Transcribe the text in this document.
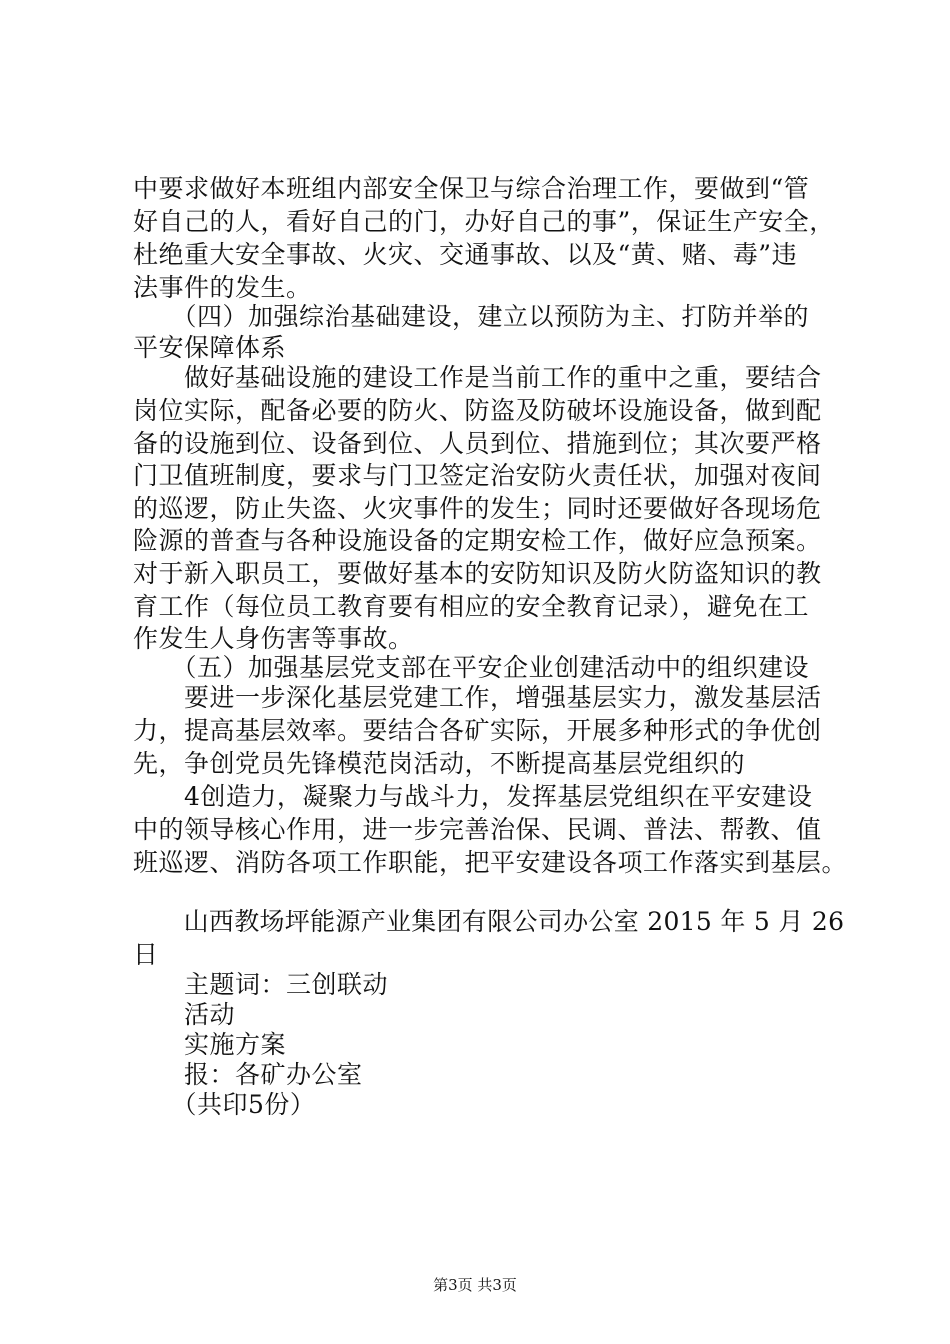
中要求做好本班组内部安全保卫与综合治理工作，要做到“管
好自己的人，看好自己的门，办好自己的事”，保证生产安全，
杜绝重大安全事故、火灾、交通事故、以及“黄、赌、毒”违
法事件的发生。
　　（四）加强综治基础建设，建立以预防为主、打防并举的
平安保障体系
　　做好基础设施的建设工作是当前工作的重中之重，要结合
岗位实际，配备必要的防火、防盗及防破坏设施设备，做到配
备的设施到位、设备到位、人员到位、措施到位；其次要严格
门卫值班制度，要求与门卫签定治安防火责任状，加强对夜间
的巡逻，防止失盗、火灾事件的发生；同时还要做好各现场危
险源的普查与各种设施设备的定期安检工作，做好应急预案。
对于新入职员工，要做好基本的安防知识及防火防盗知识的教
育工作（每位员工教育要有相应的安全教育记录），避免在工
作发生人身伤害等事故。
　　（五）加强基层党支部在平安企业创建活动中的组织建设
　　要进一步深化基层党建工作，增强基层实力，激发基层活
力，提高基层效率。要结合各矿实际，开展多种形式的争优创
先，争创党员先锋模范岗活动，不断提高基层党组织的
　　4创造力，凝聚力与战斗力，发挥基层党组织在平安建设
中的领导核心作用，进一步完善治保、民调、普法、帮教、值
班巡逻、消防各项工作职能，把平安建设各项工作落实到基层。
　　山西教场坪能源产业集团有限公司办公室 2015 年 5 月 26
日
　　主题词：三创联动
　　活动
　　实施方案
　　报：各矿办公室
　　（共印5份）
第3页 共3页
